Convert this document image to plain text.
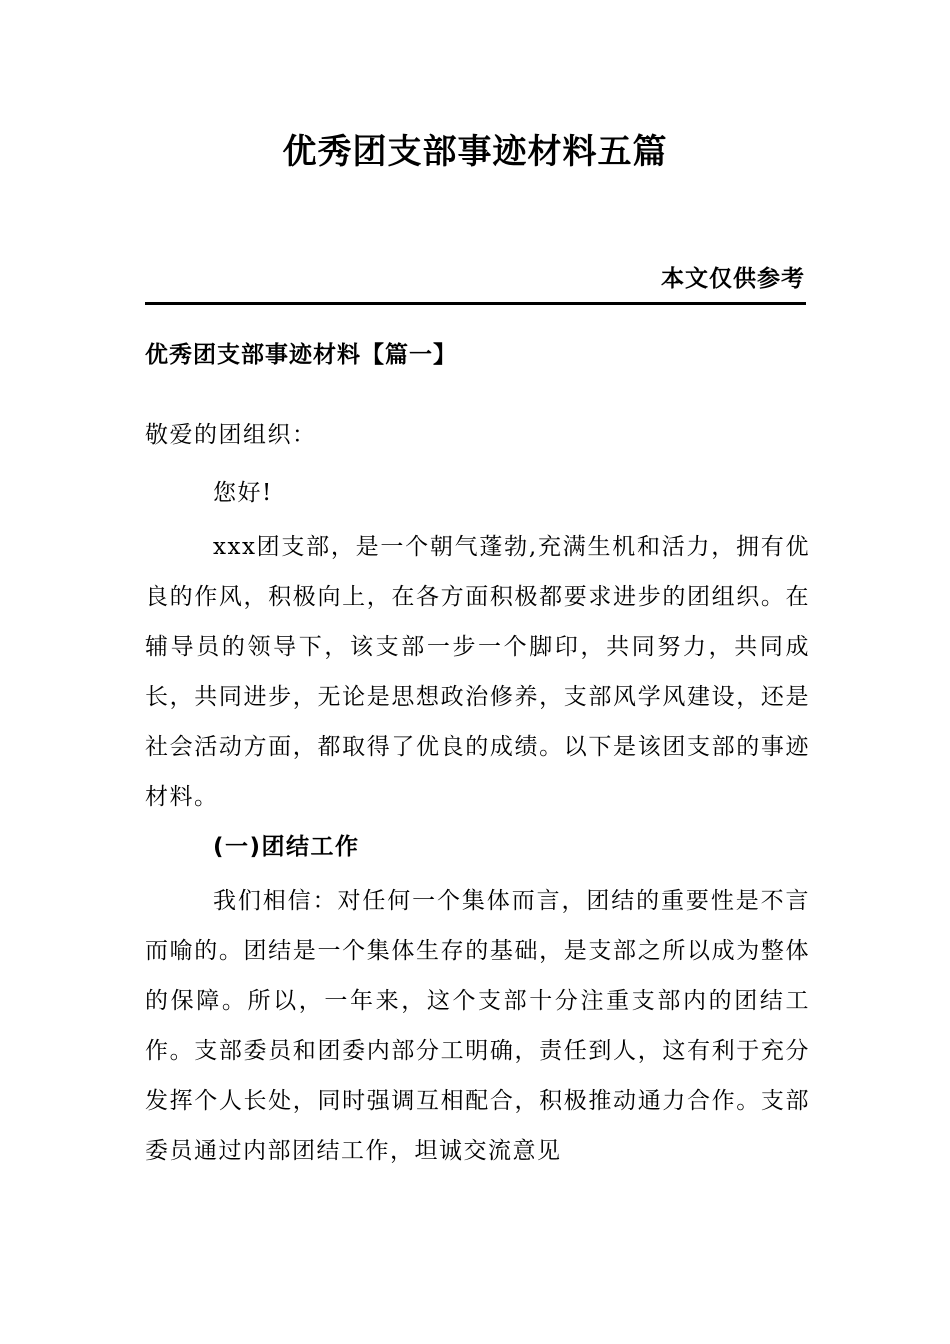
优秀团支部事迹材料五篇
本文仅供参考
优秀团支部事迹材料【篇一】

敬爱的团组织：

您好!

xxx团支部，是一个朝气蓬勃,充满生机和活力，拥有优良的作风，积极向上，在各方面积极都要求进步的团组织。在辅导员的领导下，该支部一步一个脚印，共同努力，共同成长，共同进步，无论是思想政治修养，支部风学风建设，还是社会活动方面，都取得了优良的成绩。以下是该团支部的事迹材料。

(一)团结工作

我们相信：对任何一个集体而言，团结的重要性是不言而喻的。团结是一个集体生存的基础，是支部之所以成为整体的保障。所以，一年来，这个支部十分注重支部内的团结工作。支部委员和团委内部分工明确，责任到人，这有利于充分发挥个人长处，同时强调互相配合，积极推动通力合作。支部委员通过内部团结工作，坦诚交流意见
